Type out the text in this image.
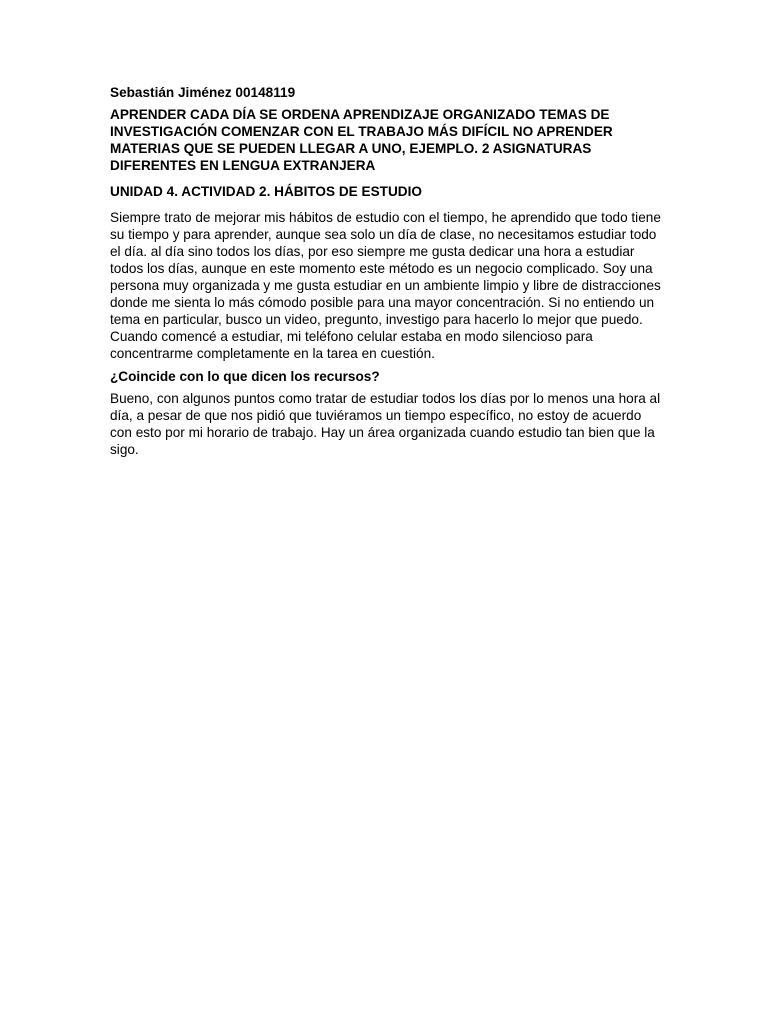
Sebastián Jiménez 00148119

APRENDER CADA DÍA SE ORDENA APRENDIZAJE ORGANIZADO TEMAS DE INVESTIGACIÓN COMENZAR CON EL TRABAJO MÁS DIFÍCIL NO APRENDER MATERIAS QUE SE PUEDEN LLEGAR A UNO, EJEMPLO. 2 ASIGNATURAS DIFERENTES EN LENGUA EXTRANJERA

UNIDAD 4. ACTIVIDAD 2. HÁBITOS DE ESTUDIO

Siempre trato de mejorar mis hábitos de estudio con el tiempo, he aprendido que todo tiene su tiempo y para aprender, aunque sea solo un día de clase, no necesitamos estudiar todo el día. al día sino todos los días, por eso siempre me gusta dedicar una hora a estudiar todos los días, aunque en este momento este método es un negocio complicado. Soy una persona muy organizada y me gusta estudiar en un ambiente limpio y libre de distracciones donde me sienta lo más cómodo posible para una mayor concentración. Si no entiendo un tema en particular, busco un video, pregunto, investigo para hacerlo lo mejor que puedo. Cuando comencé a estudiar, mi teléfono celular estaba en modo silencioso para concentrarme completamente en la tarea en cuestión.

¿Coincide con lo que dicen los recursos?

Bueno, con algunos puntos como tratar de estudiar todos los días por lo menos una hora al día, a pesar de que nos pidió que tuviéramos un tiempo específico, no estoy de acuerdo con esto por mi horario de trabajo. Hay un área organizada cuando estudio tan bien que la sigo.
